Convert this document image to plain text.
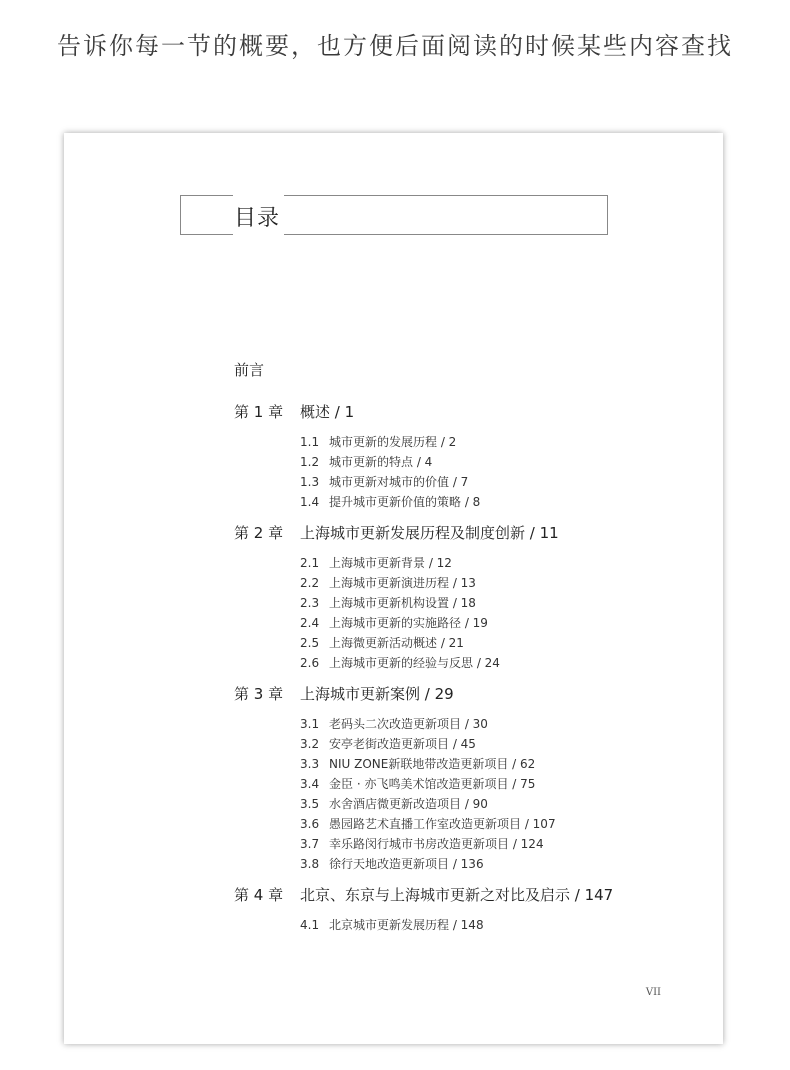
告诉你每一节的概要，也方便后面阅读的时候某些内容查找
目录
前言
第 1 章	概述 / 1
1.1 城市更新的发展历程 / 2
1.2 城市更新的特点 / 4
1.3 城市更新对城市的价值 / 7
1.4 提升城市更新价值的策略 / 8
第 2 章	上海城市更新发展历程及制度创新 / 11
2.1 上海城市更新背景 / 12
2.2 上海城市更新演进历程 / 13
2.3 上海城市更新机构设置 / 18
2.4 上海城市更新的实施路径 / 19
2.5 上海微更新活动概述 / 21
2.6 上海城市更新的经验与反思 / 24
第 3 章	上海城市更新案例 / 29
3.1 老码头二次改造更新项目 / 30
3.2 安亭老街改造更新项目 / 45
3.3 NIU ZONE新联地带改造更新项目 / 62
3.4 金臣 · 亦飞鸣美术馆改造更新项目 / 75
3.5 水舍酒店微更新改造项目 / 90
3.6 愚园路艺术直播工作室改造更新项目 / 107
3.7 幸乐路闵行城市书房改造更新项目 / 124
3.8 徐行天地改造更新项目 / 136
第 4 章	北京、东京与上海城市更新之对比及启示 / 147
4.1 北京城市更新发展历程 / 148
VII
